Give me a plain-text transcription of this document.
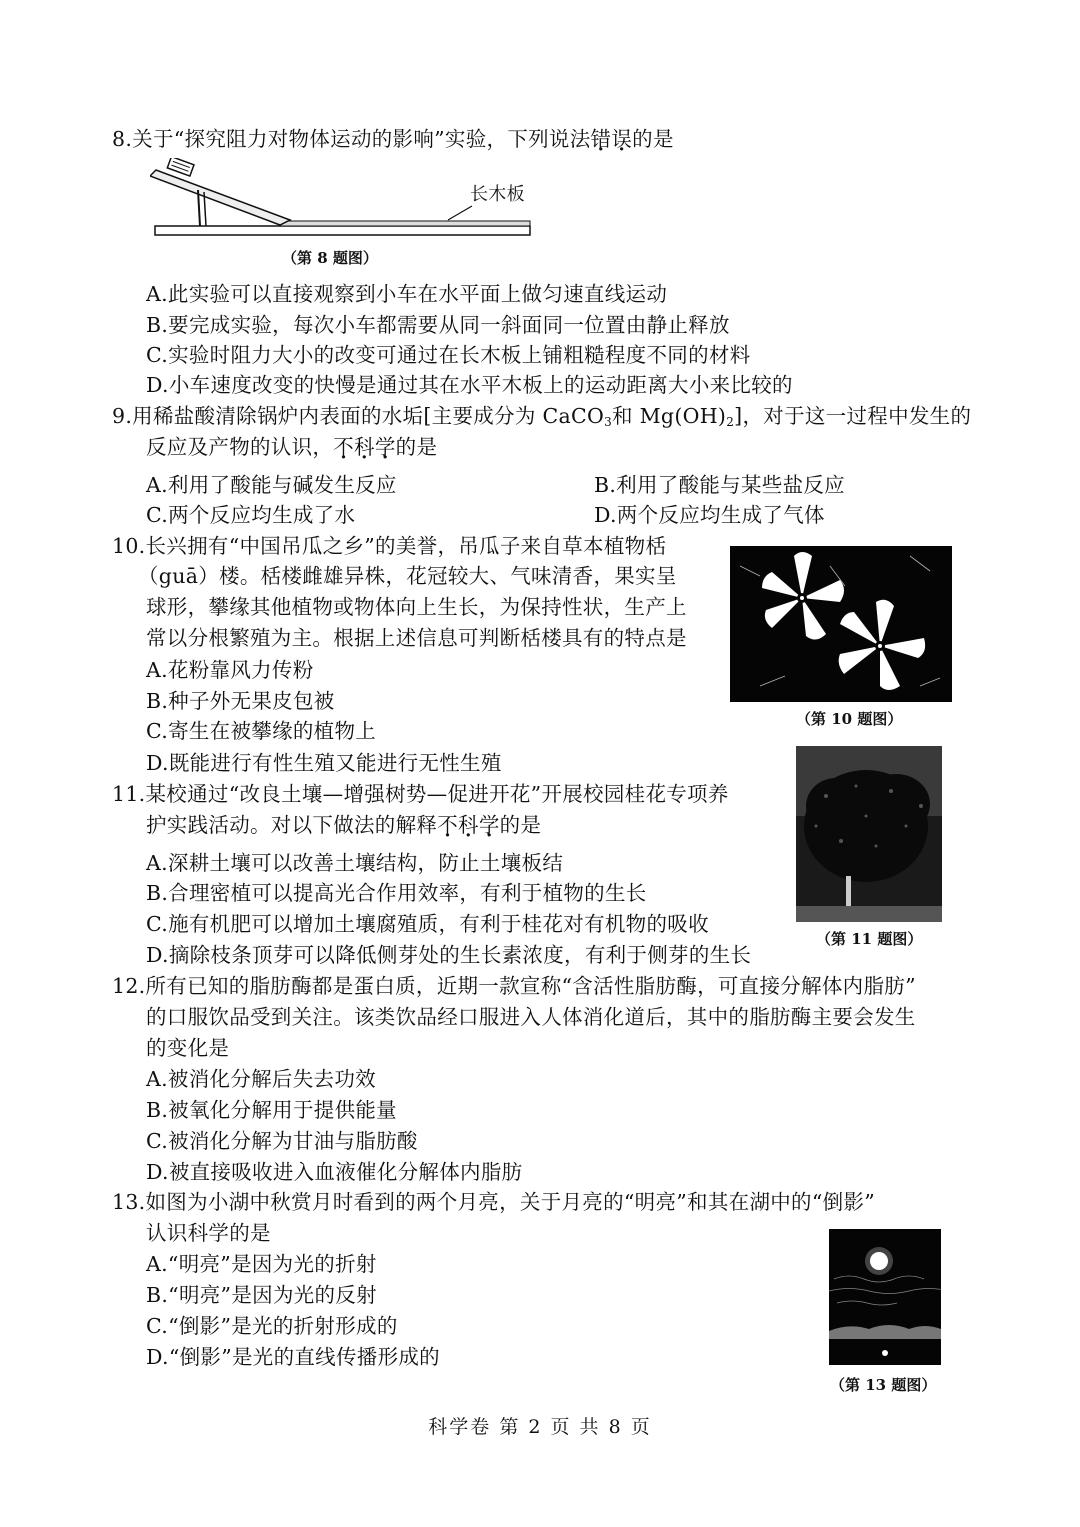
8.关于“探究阻力对物体运动的影响”实验，下列说法错误的是
长木板
（第 8 题图）
A.此实验可以直接观察到小车在水平面上做匀速直线运动
B.要完成实验，每次小车都需要从同一斜面同一位置由静止释放
C.实验时阻力大小的改变可通过在长木板上铺粗糙程度不同的材料
D.小车速度改变的快慢是通过其在水平木板上的运动距离大小来比较的
9.用稀盐酸清除锅炉内表面的水垢[主要成分为 CaCO$_3$和 $Mg(OH)_2$]，对于这一过程中发生的
反应及产物的认识，不科学的是
A.利用了酸能与碱发生反应	B.利用了酸能与某些盐反应
C.两个反应均生成了水	D.两个反应均生成了气体
10.长兴拥有“中国吊瓜之乡”的美誉，吊瓜子来自草本植物栝
（guā）楼。栝楼雌雄异株，花冠较大、气味清香，果实呈
球形，攀缘其他植物或物体向上生长，为保持性状，生产上
常以分根繁殖为主。根据上述信息可判断栝楼具有的特点是
A.花粉靠风力传粉
B.种子外无果皮包被
C.寄生在被攀缘的植物上
D.既能进行有性生殖又能进行无性生殖
（第 10 题图）
11.某校通过“改良土壤—增强树势—促进开花”开展校园桂花专项养
护实践活动。对以下做法的解释不科学的是
A.深耕土壤可以改善土壤结构，防止土壤板结
B.合理密植可以提高光合作用效率，有利于植物的生长
C.施有机肥可以增加土壤腐殖质，有利于桂花对有机物的吸收
D.摘除枝条顶芽可以降低侧芽处的生长素浓度，有利于侧芽的生长
（第 11 题图）
12.所有已知的脂肪酶都是蛋白质，近期一款宣称“含活性脂肪酶，可直接分解体内脂肪”
的口服饮品受到关注。该类饮品经口服进入人体消化道后，其中的脂肪酶主要会发生
的变化是
A.被消化分解后失去功效
B.被氧化分解用于提供能量
C.被消化分解为甘油与脂肪酸
D.被直接吸收进入血液催化分解体内脂肪
13.如图为小湖中秋赏月时看到的两个月亮，关于月亮的“明亮”和其在湖中的“倒影”
认识科学的是
A.“明亮”是因为光的折射
B.“明亮”是因为光的反射
C.“倒影”是光的折射形成的
D.“倒影”是光的直线传播形成的
（第 13 题图）
科学卷 第 2 页 共 8 页
